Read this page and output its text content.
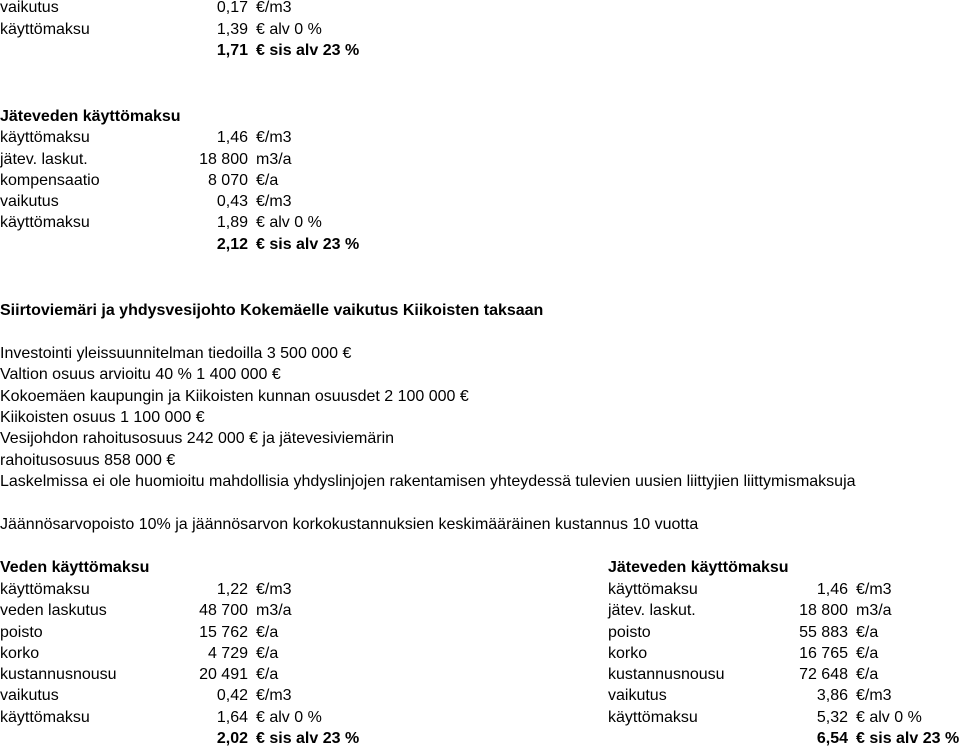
vaikutus	0,17 €/m3
käyttömaksu	1,39 € alv 0 %
1,71 € sis alv 23 %
Jäteveden käyttömaksu
käyttömaksu	1,46 €/m3
jätev. laskut.	18 800 m3/a
kompensaatio	8 070 €/a
vaikutus	0,43 €/m3
käyttömaksu	1,89 € alv 0 %
2,12 € sis alv 23 %
Siirtoviemäri ja yhdysvesijohto Kokemäelle vaikutus Kiikoisten taksaan
Investointi yleissuunnitelman tiedoilla 3 500 000 €
Valtion osuus arvioitu 40 % 1 400 000 €
Kokoemäen kaupungin ja Kiikoisten kunnan osuusdet 2 100 000 €
Kiikoisten osuus 1 100 000 €
Vesijohdon rahoitusosuus 242 000 € ja jätevesiviemärin
rahoitusosuus 858 000 €
Laskelmissa ei ole huomioitu mahdollisia yhdyslinjojen rakentamisen yhteydessä tulevien uusien liittyjien liittymismaksuja
Jäännösarvopoisto 10% ja jäännösarvon korkokustannuksien keskimääräinen kustannus 10 vuotta
Veden käyttömaksu
käyttömaksu	1,22 €/m3
veden laskutus	48 700 m3/a
poisto	15 762 €/a
korko	4 729 €/a
kustannusnousu	20 491 €/a
vaikutus	0,42 €/m3
käyttömaksu	1,64 € alv 0 %
2,02 € sis alv 23 %
Jäteveden käyttömaksu
käyttömaksu	1,46 €/m3
jätev. laskut.	18 800 m3/a
poisto	55 883 €/a
korko	16 765 €/a
kustannusnousu	72 648 €/a
vaikutus	3,86 €/m3
käyttömaksu	5,32 € alv 0 %
6,54 € sis alv 23 %
